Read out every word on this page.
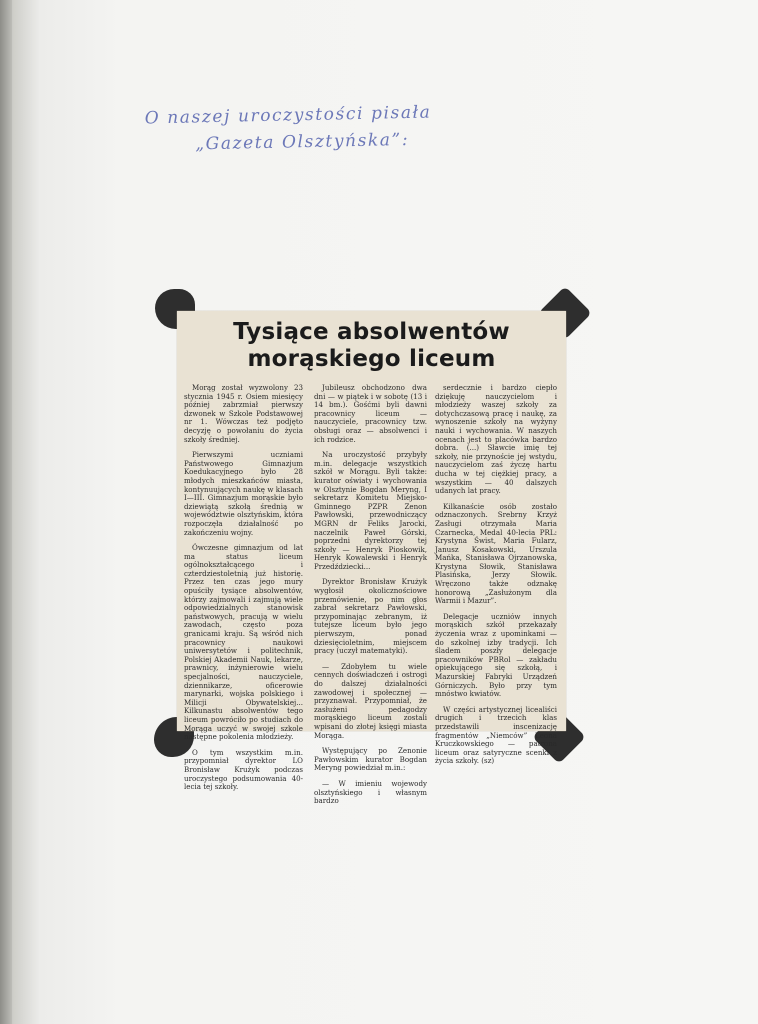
O naszej uroczystości pisała
„Gazeta Olsztyńska”:
Tysiące absolwentów
morąskiego liceum

Morąg został wyzwolony 23 stycznia 1945 r. Osiem miesięcy później zabrzmiał pierwszy dzwonek w Szkole Podstawowej nr 1. Wówczas też podjęto decyzję o powołaniu do życia szkoły średniej.

Pierwszymi uczniami Państwowego Gimnazjum Koedukacyjnego było 28 młodych mieszkańców miasta, kontynuujących naukę w klasach I—III. Gimnazjum morąskie było dziewiątą szkołą średnią w województwie olsztyńskim, która rozpoczęła działalność po zakończeniu wojny.

Ówczesne gimnazjum od lat ma status liceum ogólnokształcącego i czterdziestoletnią już historię. Przez ten czas jego mury opuściły tysiące absolwentów, którzy zajmowali i zajmują wiele odpowiedzialnych stanowisk państwowych, pracują w wielu zawodach, często poza granicami kraju. Są wśród nich pracownicy naukowi uniwersytetów i politechnik, Polskiej Akademii Nauk, lekarze, prawnicy, inżynierowie wielu specjalności, nauczyciele, dziennikarze, oficerowie marynarki, wojska polskiego i Milicji Obywatelskiej... Kilkunastu absolwentów tego liceum powróciło po studiach do Morąga uczyć w swojej szkole następne pokolenia młodzieży.

O tym wszystkim m.in. przypomniał dyrektor LO Bronisław Krużyk podczas uroczystego podsumowania 40-lecia tej szkoły.

Jubileusz obchodzono dwa dni — w piątek i w sobotę (13 i 14 bm.). Gośćmi byli dawni pracownicy liceum — nauczyciele, pracownicy tzw. obsługi oraz — absolwenci i ich rodzice.

Na uroczystość przybyły m.in. delegacje wszystkich szkół w Morągu. Byli także: kurator oświaty i wychowania w Olsztynie Bogdan Meryng, I sekretarz Komitetu Miejsko-Gminnego PZPR Zenon Pawłowski, przewodniczący MGRN dr Feliks Jarocki, naczelnik Paweł Górski, poprzedni dyrektorzy tej szkoły — Henryk Pioskowik, Henryk Kowalewski i Henryk Przedździecki...

Dyrektor Bronisław Krużyk wygłosił okolicznościowe przemówienie, po nim głos zabrał sekretarz Pawłowski, przypominając zebranym, iż tutejsze liceum było jego pierwszym, ponad dziesięcioletnim, miejscem pracy (uczył matematyki).

— Zdobyłem tu wiele cennych doświadczeń i ostrogi do dalszej działalności zawodowej i społecznej — przyznawał. Przypomniał, że zasłużeni pedagodzy morąskiego liceum zostali wpisani do złotej księgi miasta Morąga.

Występujący po Zenonie Pawłowskim kurator Bogdan Meryng powiedział m.in.:

— W imieniu wojewody olsztyńskiego i własnym bardzo

serdecznie i bardzo ciepło dziękuję nauczycielom i młodzieży waszej szkoły za dotychczasową pracę i naukę, za wynoszenie szkoły na wyżyny nauki i wychowania. W naszych ocenach jest to placówka bardzo dobra. (...) Sławcie imię tej szkoły, nie przynoście jej wstydu, nauczycielom zaś życzę hartu ducha w tej ciężkiej pracy, a wszystkim — 40 dalszych udanych lat pracy.

Kilkanaście osób zostało odznaczonych. Srebrny Krzyż Zasługi otrzymała Maria Czarnecka, Medal 40-lecia PRL: Krystyna Świst, Maria Fularz, Janusz Kosakowski, Urszula Mańka, Stanisława Ojrzanowska, Krystyna Słowik, Stanisława Plasińska, Jerzy Słowik. Wręczono także odznakę honorową „Zasłużonym dla Warmii i Mazur”.

Delegacje uczniów innych morąskich szkół przekazały życzenia wraz z upominkami — do szkolnej izby tradycji. Ich śladem poszły delegacje pracowników PBRol — zakładu opiekującego się szkołą, i Mazurskiej Fabryki Urządzeń Górniczych. Było przy tym mnóstwo kwiatów.

W części artystycznej licealiści drugich i trzecich klas przedstawili inscenizację fragmentów „Niemców” Leona Kruczkowskiego — patrona liceum oraz satyryczne scenki z życia szkoły. (sz)
